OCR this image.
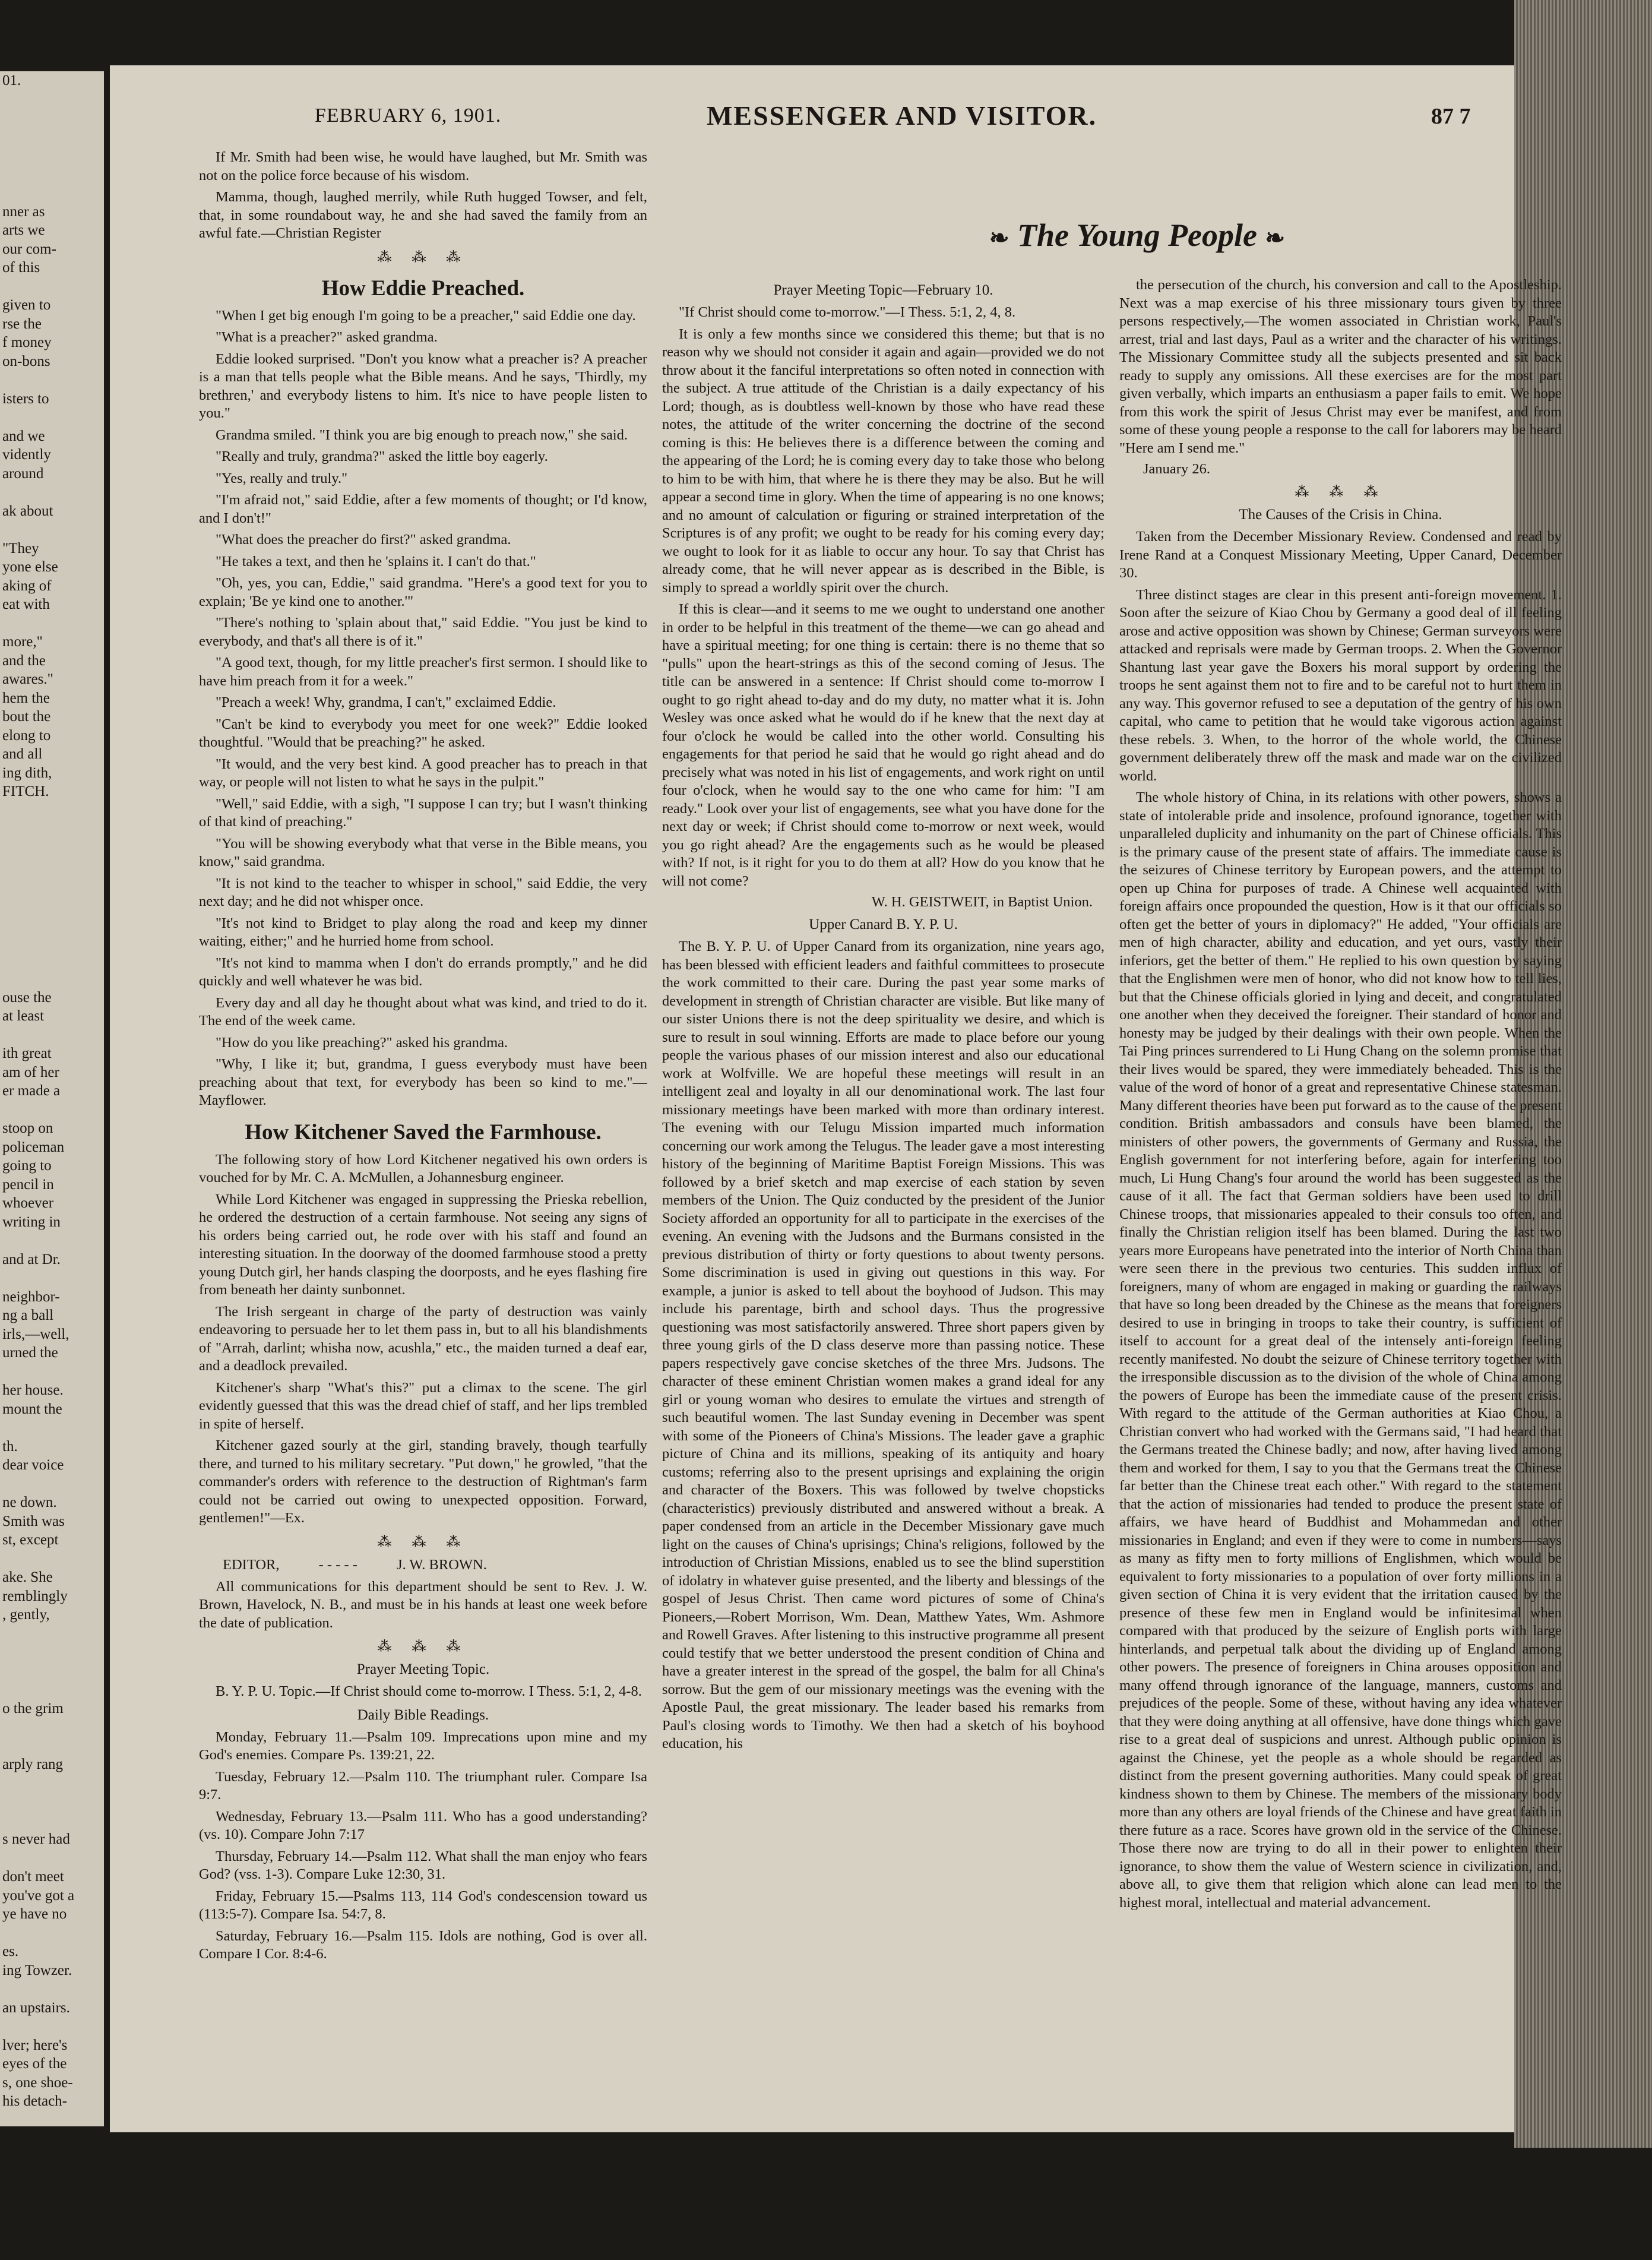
01.
nner as
arts we
our com-
of this
given to
rse the
f money
on-bons
isters to
and we
vidently
around
ak about
"They
yone else
aking of
eat with
more,"
and the
awares."
hem the
bout the
elong to
and all
ing dith,
FITCH.
ouse the
at least
ith great
am of her
er made a
stoop on
policeman
going to
pencil in
whoever
writing in
and at Dr.
neighbor-
ng a ball
irls,—well,
urned the
her house.
mount the
th.
dear voice
ne down.
Smith was
st, except
ake. She
remblingly
, gently,
o the grim
arply rang
s never had
don't meet
you've got a
ye have no
es.
ing Towzer.
an upstairs.
lver; here's
eyes of the
s, one shoe-
his detach-
FEBRUARY 6, 1901.	MESSENGER AND VISITOR.	87 7
❧ The Young People ❧

If Mr. Smith had been wise, he would have laughed, but Mr. Smith was not on the police force because of his wisdom.

Mamma, though, laughed merrily, while Ruth hugged Towser, and felt, that, in some roundabout way, he and she had saved the family from an awful fate.—Christian Register

⁂ ⁂ ⁂
How Eddie Preached.

"When I get big enough I'm going to be a preacher," said Eddie one day.

"What is a preacher?" asked grandma.

Eddie looked surprised. "Don't you know what a preacher is? A preacher is a man that tells people what the Bible means. And he says, 'Thirdly, my brethren,' and everybody listens to him. It's nice to have people listen to you."

Grandma smiled. "I think you are big enough to preach now," she said.

"Really and truly, grandma?" asked the little boy eagerly.

"Yes, really and truly."

"I'm afraid not," said Eddie, after a few moments of thought; or I'd know, and I don't!"

"What does the preacher do first?" asked grandma.

"He takes a text, and then he 'splains it. I can't do that."

"Oh, yes, you can, Eddie," said grandma. "Here's a good text for you to explain; 'Be ye kind one to another.'"

"There's nothing to 'splain about that," said Eddie. "You just be kind to everybody, and that's all there is of it."

"A good text, though, for my little preacher's first sermon. I should like to have him preach from it for a week."

"Preach a week! Why, grandma, I can't," exclaimed Eddie.

"Can't be kind to everybody you meet for one week?" Eddie looked thoughtful. "Would that be preaching?" he asked.

"It would, and the very best kind. A good preacher has to preach in that way, or people will not listen to what he says in the pulpit."

"Well," said Eddie, with a sigh, "I suppose I can try; but I wasn't thinking of that kind of preaching."

"You will be showing everybody what that verse in the Bible means, you know," said grandma.

"It is not kind to the teacher to whisper in school," said Eddie, the very next day; and he did not whisper once.

"It's not kind to Bridget to play along the road and keep my dinner waiting, either;" and he hurried home from school.

"It's not kind to mamma when I don't do errands promptly," and he did quickly and well whatever he was bid.

Every day and all day he thought about what was kind, and tried to do it. The end of the week came.

"How do you like preaching?" asked his grandma.

"Why, I like it; but, grandma, I guess everybody must have been preaching about that text, for everybody has been so kind to me."—Mayflower.

How Kitchener Saved the Farmhouse.

The following story of how Lord Kitchener negatived his own orders is vouched for by Mr. C. A. McMullen, a Johannesburg engineer.

While Lord Kitchener was engaged in suppressing the Prieska rebellion, he ordered the destruction of a certain farmhouse. Not seeing any signs of his orders being carried out, he rode over with his staff and found an interesting situation. In the doorway of the doomed farmhouse stood a pretty young Dutch girl, her hands clasping the doorposts, and he eyes flashing fire from beneath her dainty sunbonnet.

The Irish sergeant in charge of the party of destruction was vainly endeavoring to persuade her to let them pass in, but to all his blandishments of "Arrah, darlint; whisha now, acushla," etc., the maiden turned a deaf ear, and a deadlock prevailed.

Kitchener's sharp "What's this?" put a climax to the scene. The girl evidently guessed that this was the dread chief of staff, and her lips trembled in spite of herself.

Kitchener gazed sourly at the girl, standing bravely, though tearfully there, and turned to his military secretary. "Put down," he growled, "that the commander's orders with reference to the destruction of Rightman's farm could not be carried out owing to unexpected opposition. Forward, gentlemen!"—Ex.

⁂ ⁂ ⁂
EDITOR,	- - - - -	J. W. BROWN.

All communications for this department should be sent to Rev. J. W. Brown, Havelock, N. B., and must be in his hands at least one week before the date of publication.

⁂ ⁂ ⁂
Prayer Meeting Topic.

B. Y. P. U. Topic.—If Christ should come to-morrow. I Thess. 5:1, 2, 4-8.

Daily Bible Readings.

Monday, February 11.—Psalm 109. Imprecations upon mine and my God's enemies. Compare Ps. 139:21, 22.

Tuesday, February 12.—Psalm 110. The triumphant ruler. Compare Isa 9:7.

Wednesday, February 13.—Psalm 111. Who has a good understanding? (vs. 10). Compare John 7:17

Thursday, February 14.—Psalm 112. What shall the man enjoy who fears God? (vss. 1-3). Compare Luke 12:30, 31.

Friday, February 15.—Psalms 113, 114 God's condescension toward us (113:5-7). Compare Isa. 54:7, 8.

Saturday, February 16.—Psalm 115. Idols are nothing, God is over all. Compare I Cor. 8:4-6.

Prayer Meeting Topic—February 10.

"If Christ should come to-morrow."—I Thess. 5:1, 2, 4, 8.

It is only a few months since we considered this theme; but that is no reason why we should not consider it again and again—provided we do not throw about it the fanciful interpretations so often noted in connection with the subject. A true attitude of the Christian is a daily expectancy of his Lord; though, as is doubtless well-known by those who have read these notes, the attitude of the writer concerning the doctrine of the second coming is this: He believes there is a difference between the coming and the appearing of the Lord; he is coming every day to take those who belong to him to be with him, that where he is there they may be also. But he will appear a second time in glory. When the time of appearing is no one knows; and no amount of calculation or figuring or strained interpretation of the Scriptures is of any profit; we ought to be ready for his coming every day; we ought to look for it as liable to occur any hour. To say that Christ has already come, that he will never appear as is described in the Bible, is simply to spread a worldly spirit over the church.

If this is clear—and it seems to me we ought to understand one another in order to be helpful in this treatment of the theme—we can go ahead and have a spiritual meeting; for one thing is certain: there is no theme that so "pulls" upon the heart-strings as this of the second coming of Jesus. The title can be answered in a sentence: If Christ should come to-morrow I ought to go right ahead to-day and do my duty, no matter what it is. John Wesley was once asked what he would do if he knew that the next day at four o'clock he would be called into the other world. Consulting his engagements for that period he said that he would go right ahead and do precisely what was noted in his list of engagements, and work right on until four o'clock, when he would say to the one who came for him: "I am ready." Look over your list of engagements, see what you have done for the next day or week; if Christ should come to-morrow or next week, would you go right ahead? Are the engagements such as he would be pleased with? If not, is it right for you to do them at all? How do you know that he will not come?

W. H. GEISTWEIT, in Baptist Union.
Upper Canard B. Y. P. U.

The B. Y. P. U. of Upper Canard from its organization, nine years ago, has been blessed with efficient leaders and faithful committees to prosecute the work committed to their care. During the past year some marks of development in strength of Christian character are visible. But like many of our sister Unions there is not the deep spirituality we desire, and which is sure to result in soul winning. Efforts are made to place before our young people the various phases of our mission interest and also our educational work at Wolfville. We are hopeful these meetings will result in an intelligent zeal and loyalty in all our denominational work. The last four missionary meetings have been marked with more than ordinary interest. The evening with our Telugu Mission imparted much information concerning our work among the Telugus. The leader gave a most interesting history of the beginning of Maritime Baptist Foreign Missions. This was followed by a brief sketch and map exercise of each station by seven members of the Union. The Quiz conducted by the president of the Junior Society afforded an opportunity for all to participate in the exercises of the evening. An evening with the Judsons and the Burmans consisted in the previous distribution of thirty or forty questions to about twenty persons. Some discrimination is used in giving out questions in this way. For example, a junior is asked to tell about the boyhood of Judson. This may include his parentage, birth and school days. Thus the progressive questioning was most satisfactorily answered. Three short papers given by three young girls of the D class deserve more than passing notice. These papers respectively gave concise sketches of the three Mrs. Judsons. The character of these eminent Christian women makes a grand ideal for any girl or young woman who desires to emulate the virtues and strength of such beautiful women. The last Sunday evening in December was spent with some of the Pioneers of China's Missions. The leader gave a graphic picture of China and its millions, speaking of its antiquity and hoary customs; referring also to the present uprisings and explaining the origin and character of the Boxers. This was followed by twelve chopsticks (characteristics) previously distributed and answered without a break. A paper condensed from an article in the December Missionary gave much light on the causes of China's uprisings; China's religions, followed by the introduction of Christian Missions, enabled us to see the blind superstition of idolatry in whatever guise presented, and the liberty and blessings of the gospel of Jesus Christ. Then came word pictures of some of China's Pioneers,—Robert Morrison, Wm. Dean, Matthew Yates, Wm. Ashmore and Rowell Graves. After listening to this instructive programme all present could testify that we better understood the present condition of China and have a greater interest in the spread of the gospel, the balm for all China's sorrow. But the gem of our missionary meetings was the evening with the Apostle Paul, the great missionary. The leader based his remarks from Paul's closing words to Timothy. We then had a sketch of his boyhood education, his

the persecution of the church, his conversion and call to the Apostleship. Next was a map exercise of his three missionary tours given by three persons respectively,—The women associated in Christian work, Paul's arrest, trial and last days, Paul as a writer and the character of his writings. The Missionary Committee study all the subjects presented and sit back ready to supply any omissions. All these exercises are for the most part given verbally, which imparts an enthusiasm a paper fails to emit. We hope from this work the spirit of Jesus Christ may ever be manifest, and from some of these young people a response to the call for laborers may be heard "Here am I send me."

January 26.
⁂ ⁂ ⁂
The Causes of the Crisis in China.

Taken from the December Missionary Review. Condensed and read by Irene Rand at a Conquest Missionary Meeting, Upper Canard, December 30.

Three distinct stages are clear in this present anti-foreign movement. 1. Soon after the seizure of Kiao Chou by Germany a good deal of ill feeling arose and active opposition was shown by Chinese; German surveyors were attacked and reprisals were made by German troops. 2. When the Governor Shantung last year gave the Boxers his moral support by ordering the troops he sent against them not to fire and to be careful not to hurt them in any way. This governor refused to see a deputation of the gentry of his own capital, who came to petition that he would take vigorous action against these rebels. 3. When, to the horror of the whole world, the Chinese government deliberately threw off the mask and made war on the civilized world.

The whole history of China, in its relations with other powers, shows a state of intolerable pride and insolence, profound ignorance, together with unparalleled duplicity and inhumanity on the part of Chinese officials. This is the primary cause of the present state of affairs. The immediate cause is the seizures of Chinese territory by European powers, and the attempt to open up China for purposes of trade. A Chinese well acquainted with foreign affairs once propounded the question, How is it that our officials so often get the better of yours in diplomacy?" He added, "Your officials are men of high character, ability and education, and yet ours, vastly their inferiors, get the better of them." He replied to his own question by saying that the Englishmen were men of honor, who did not know how to tell lies, but that the Chinese officials gloried in lying and deceit, and congratulated one another when they deceived the foreigner. Their standard of honor and honesty may be judged by their dealings with their own people. When the Tai Ping princes surrendered to Li Hung Chang on the solemn promise that their lives would be spared, they were immediately beheaded. This is the value of the word of honor of a great and representative Chinese statesman. Many different theories have been put forward as to the cause of the present condition. British ambassadors and consuls have been blamed, the ministers of other powers, the governments of Germany and Russia, the English government for not interfering before, again for interfering too much, Li Hung Chang's four around the world has been suggested as the cause of it all. The fact that German soldiers have been used to drill Chinese troops, that missionaries appealed to their consuls too often, and finally the Christian religion itself has been blamed. During the last two years more Europeans have penetrated into the interior of North China than were seen there in the previous two centuries. This sudden influx of foreigners, many of whom are engaged in making or guarding the railways that have so long been dreaded by the Chinese as the means that foreigners desired to use in bringing in troops to take their country, is sufficient of itself to account for a great deal of the intensely anti-foreign feeling recently manifested. No doubt the seizure of Chinese territory together with the irresponsible discussion as to the division of the whole of China among the powers of Europe has been the immediate cause of the present crisis. With regard to the attitude of the German authorities at Kiao Chou, a Christian convert who had worked with the Germans said, "I had heard that the Germans treated the Chinese badly; and now, after having lived among them and worked for them, I say to you that the Germans treat the Chinese far better than the Chinese treat each other." With regard to the statement that the action of missionaries had tended to produce the present state of affairs, we have heard of Buddhist and Mohammedan and other missionaries in England; and even if they were to come in numbers—says as many as fifty men to forty millions of Englishmen, which would be equivalent to forty missionaries to a population of over forty millions in a given section of China it is very evident that the irritation caused by the presence of these few men in England would be infinitesimal when compared with that produced by the seizure of English ports with large hinterlands, and perpetual talk about the dividing up of England among other powers. The presence of foreigners in China arouses opposition and many offend through ignorance of the language, manners, customs and prejudices of the people. Some of these, without having any idea whatever that they were doing anything at all offensive, have done things which gave rise to a great deal of suspicions and unrest. Although public opinion is against the Chinese, yet the people as a whole should be regarded as distinct from the present governing authorities. Many could speak of great kindness shown to them by Chinese. The members of the missionary body more than any others are loyal friends of the Chinese and have great faith in there future as a race. Scores have grown old in the service of the Chinese. Those there now are trying to do all in their power to enlighten their ignorance, to show them the value of Western science in civilization, and, above all, to give them that religion which alone can lead men to the highest moral, intellectual and material advancement.
